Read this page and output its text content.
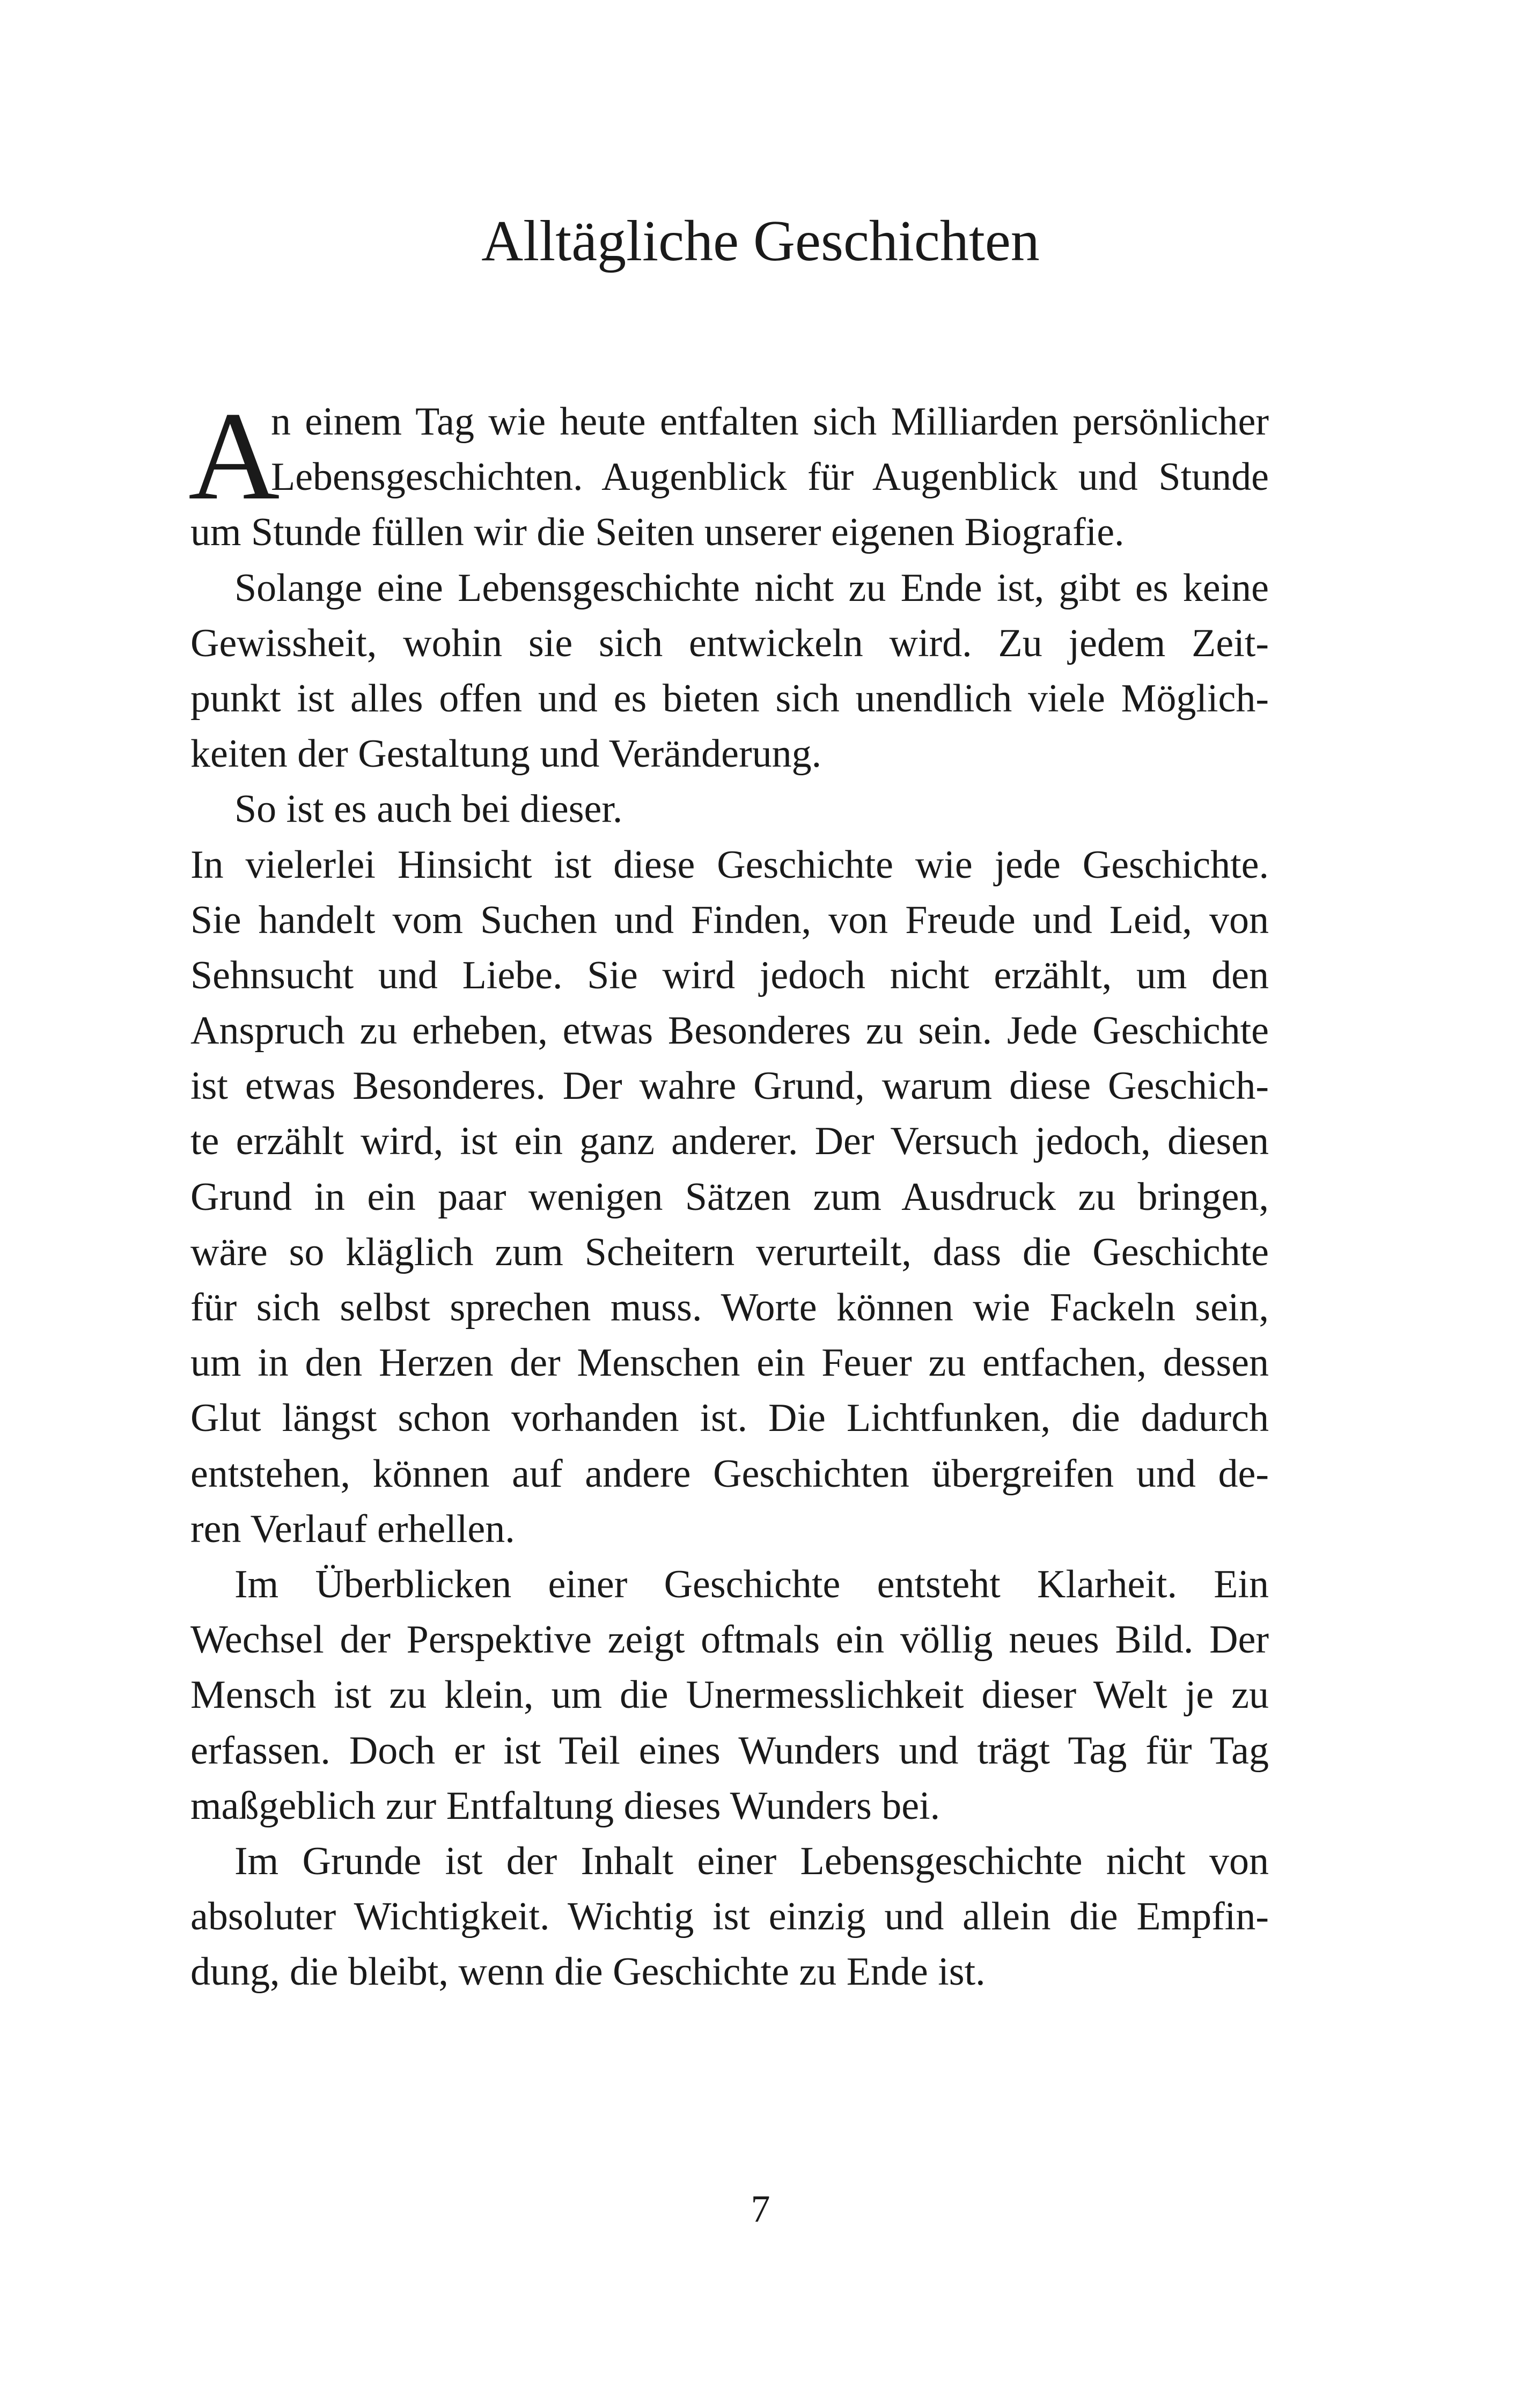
Alltägliche Geschichten
A
n einem Tag wie heute entfalten sich Milliarden persönlicher
Lebensgeschichten. Augenblick für Augenblick und Stunde
um Stunde füllen wir die Seiten unserer eigenen Biografie.
Solange eine Lebensgeschichte nicht zu Ende ist, gibt es keine
Gewissheit, wohin sie sich entwickeln wird. Zu jedem Zeit-
punkt ist alles offen und es bieten sich unendlich viele Möglich-
keiten der Gestaltung und Veränderung.
So ist es auch bei dieser.
In vielerlei Hinsicht ist diese Geschichte wie jede Geschichte.
Sie handelt vom Suchen und Finden, von Freude und Leid, von
Sehnsucht und Liebe. Sie wird jedoch nicht erzählt, um den
Anspruch zu erheben, etwas Besonderes zu sein. Jede Geschichte
ist etwas Besonderes. Der wahre Grund, warum diese Geschich-
te erzählt wird, ist ein ganz anderer. Der Versuch jedoch, diesen
Grund in ein paar wenigen Sätzen zum Ausdruck zu bringen,
wäre so kläglich zum Scheitern verurteilt, dass die Geschichte
für sich selbst sprechen muss. Worte können wie Fackeln sein,
um in den Herzen der Menschen ein Feuer zu entfachen, dessen
Glut längst schon vorhanden ist. Die Lichtfunken, die dadurch
entstehen, können auf andere Geschichten übergreifen und de-
ren Verlauf erhellen.
Im Überblicken einer Geschichte entsteht Klarheit. Ein
Wechsel der Perspektive zeigt oftmals ein völlig neues Bild. Der
Mensch ist zu klein, um die Unermesslichkeit dieser Welt je zu
erfassen. Doch er ist Teil eines Wunders und trägt Tag für Tag
maßgeblich zur Entfaltung dieses Wunders bei.
Im Grunde ist der Inhalt einer Lebensgeschichte nicht von
absoluter Wichtigkeit. Wichtig ist einzig und allein die Empfin-
dung, die bleibt, wenn die Geschichte zu Ende ist.
7
